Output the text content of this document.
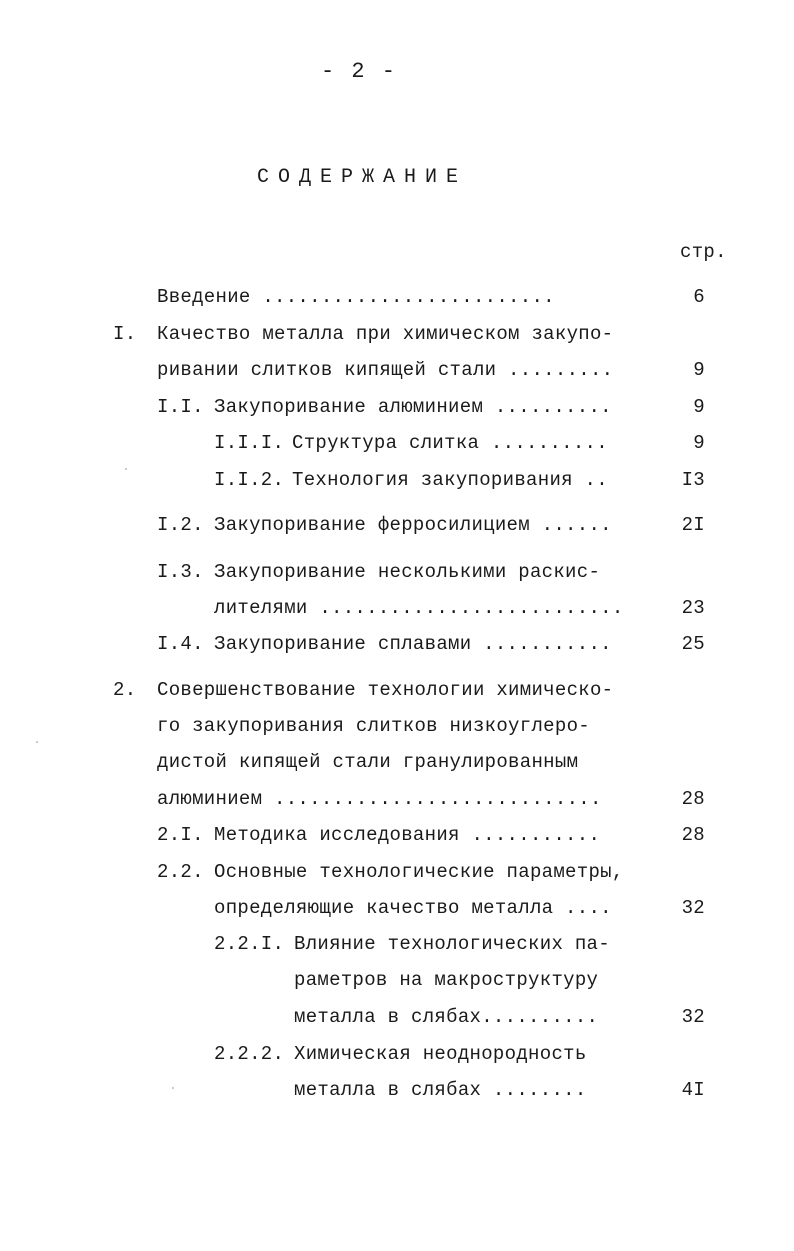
- 2 -
СОДЕРЖАНИЕ
стр.
Введение .........................	6
I. Качество металла при химическом закупо-
ривании слитков кипящей стали .........	9
I.I. Закупоривание алюминием ..........	9
I.I.I. Структура слитка ..........	9
I.I.2. Технология закупоривания ..	I3
I.2. Закупоривание ферросилицием ......	2I
I.3. Закупоривание несколькими раскис-
лителями ..........................	23
I.4. Закупоривание сплавами ...........	25
2. Совершенствование технологии химическо-
го закупоривания слитков низкоуглеро-
дистой кипящей стали гранулированным
алюминием ............................	28
2.I. Методика исследования ...........	28
2.2. Основные технологические параметры,
определяющие качество металла ....	32
2.2.I. Влияние технологических па-
раметров на макроструктуру
металла в слябах..........	32
2.2.2. Химическая неоднородность
металла в слябах ........	4I
